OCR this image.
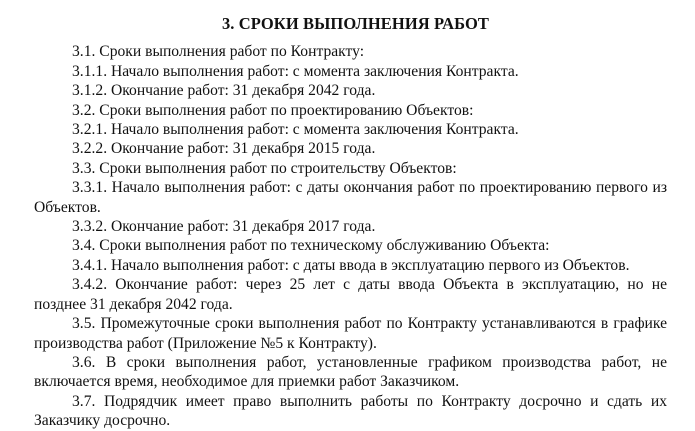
3. СРОКИ ВЫПОЛНЕНИЯ РАБОТ

3.1. Сроки выполнения работ по Контракту:

3.1.1. Начало выполнения работ: с момента заключения Контракта.

3.1.2. Окончание работ: 31 декабря 2042 года.

3.2. Сроки выполнения работ по проектированию Объектов:

3.2.1. Начало выполнения работ: с момента заключения Контракта.

3.2.2. Окончание работ: 31 декабря 2015 года.

3.3. Сроки выполнения работ по строительству Объектов:

3.3.1. Начало выполнения работ: с даты окончания работ по проектированию первого из Объектов.

3.3.2. Окончание работ: 31 декабря 2017 года.

3.4. Сроки выполнения работ по техническому обслуживанию Объекта:

3.4.1. Начало выполнения работ: с даты ввода в эксплуатацию первого из Объектов.

3.4.2. Окончание работ: через 25 лет с даты ввода Объекта в эксплуатацию, но не позднее 31 декабря 2042 года.

3.5. Промежуточные сроки выполнения работ по Контракту устанавливаются в графике производства работ (Приложение №5 к Контракту).

3.6. В сроки выполнения работ, установленные графиком производства работ, не включается время, необходимое для приемки работ Заказчиком.

3.7. Подрядчик имеет право выполнить работы по Контракту досрочно и сдать их Заказчику досрочно.
